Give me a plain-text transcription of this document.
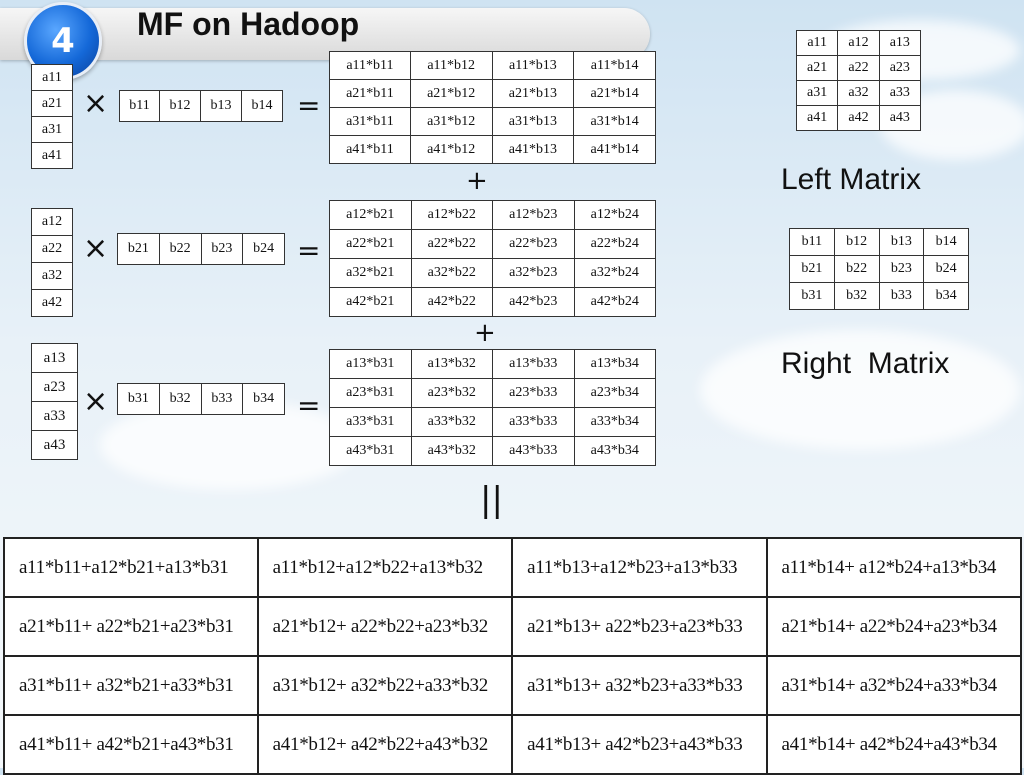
4	MF on Hadoop
a11
a21
a31
a41
× b11	b12	b13	b14 =
a11*b11	a11*b12	a11*b13	a11*b14
a21*b11	a21*b12	a21*b13	a21*b14
a31*b11	a31*b12	a31*b13	a31*b14
a41*b11	a41*b12	a41*b13	a41*b14
+
a12
a22
a32
a42
× b21	b22	b23	b24 =
a12*b21	a12*b22	a12*b23	a12*b24
a22*b21	a22*b22	a22*b23	a22*b24
a32*b21	a32*b22	a32*b23	a32*b24
a42*b21	a42*b22	a42*b23	a42*b24
+
a13
a23
a33
a43
× b31	b32	b33	b34 =
a13*b31	a13*b32	a13*b33	a13*b34
a23*b31	a23*b32	a23*b33	a23*b34
a33*b31	a33*b32	a33*b33	a33*b34
a43*b31	a43*b32	a43*b33	a43*b34
||
a11	a12	a13
a21	a22	a23
a31	a32	a33
a41	a42	a43
Left Matrix
b11	b12	b13	b14
b21	b22	b23	b24
b31	b32	b33	b34
Right  Matrix
a11*b11+a12*b21+a13*b31	a11*b12+a12*b22+a13*b32	a11*b13+a12*b23+a13*b33	a11*b14+ a12*b24+a13*b34
a21*b11+ a22*b21+a23*b31	a21*b12+ a22*b22+a23*b32	a21*b13+ a22*b23+a23*b33	a21*b14+ a22*b24+a23*b34
a31*b11+ a32*b21+a33*b31	a31*b12+ a32*b22+a33*b32	a31*b13+ a32*b23+a33*b33	a31*b14+ a32*b24+a33*b34
a41*b11+ a42*b21+a43*b31	a41*b12+ a42*b22+a43*b32	a41*b13+ a42*b23+a43*b33	a41*b14+ a42*b24+a43*b34
